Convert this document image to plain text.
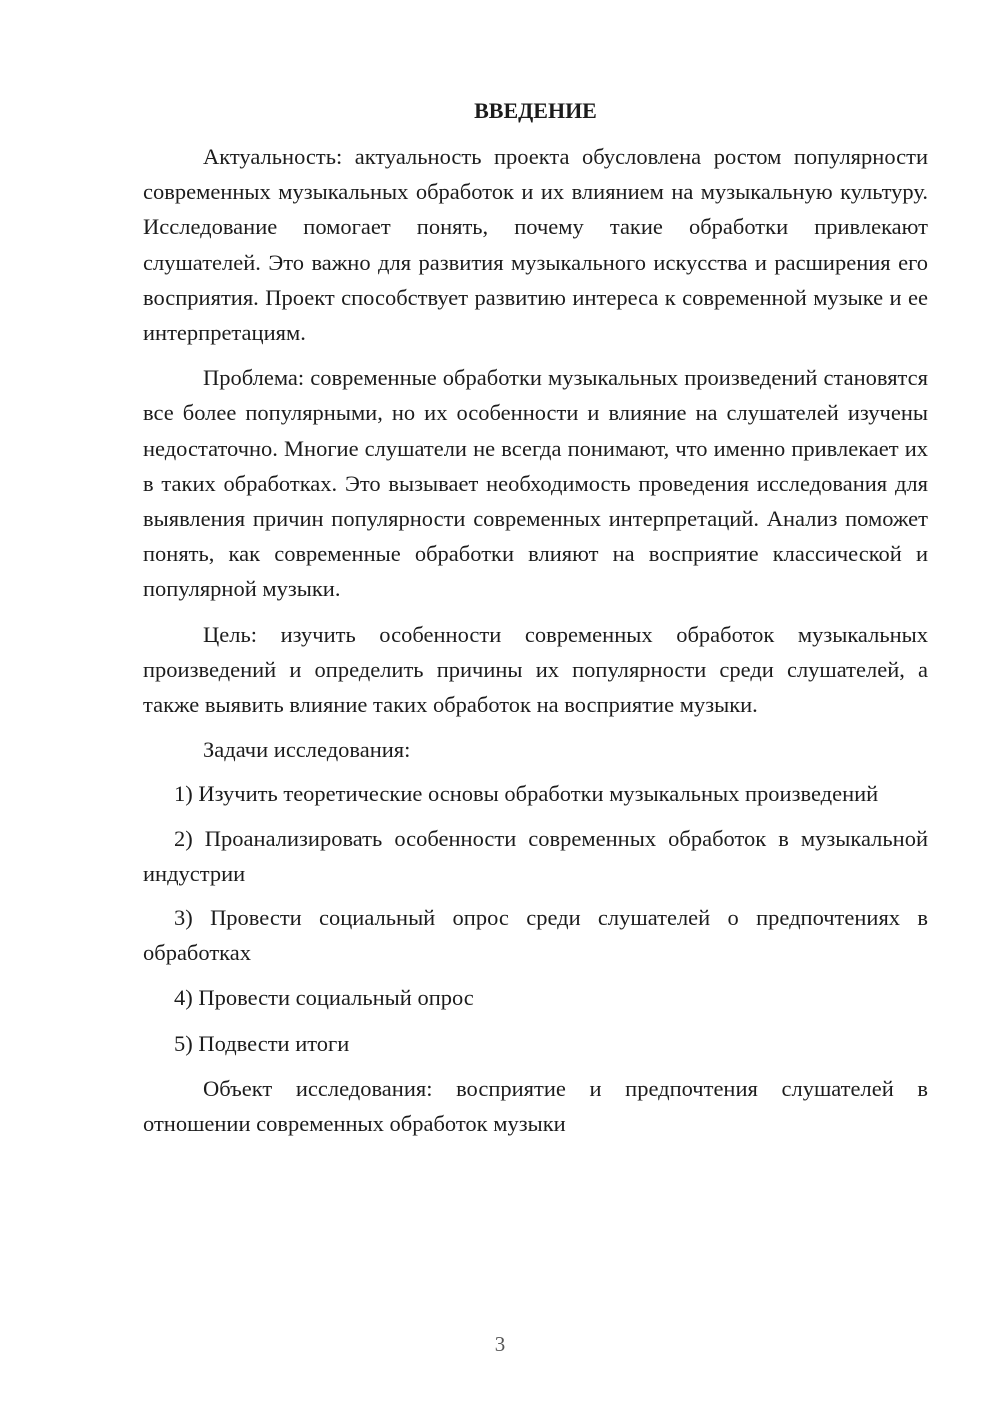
ВВЕДЕНИЕ

Актуальность: актуальность проекта обусловлена ростом популярности современных музыкальных обработок и их влиянием на музыкальную культуру. Исследование помогает понять, почему такие обработки привлекают слушателей. Это важно для развития музыкального искусства и расширения его восприятия. Проект способствует развитию интереса к современной музыке и ее интерпретациям.

Проблема: современные обработки музыкальных произведений становятся все более популярными, но их особенности и влияние на слушателей изучены недостаточно. Многие слушатели не всегда понимают, что именно привлекает их в таких обработках. Это вызывает необходимость проведения исследования для выявления причин популярности современных интерпретаций. Анализ поможет понять, как современные обработки влияют на восприятие классической и популярной музыки.

Цель: изучить особенности современных обработок музыкальных произведений и определить причины их популярности среди слушателей, а также выявить влияние таких обработок на восприятие музыки.

Задачи исследования:

1) Изучить теоретические основы обработки музыкальных произведений

2) Проанализировать особенности современных обработок в музыкальной индустрии

3) Провести социальный опрос среди слушателей о предпочтениях в обработках

4) Провести социальный опрос

5) Подвести итоги

Объект исследования: восприятие и предпочтения слушателей в отношении современных обработок музыки

3
